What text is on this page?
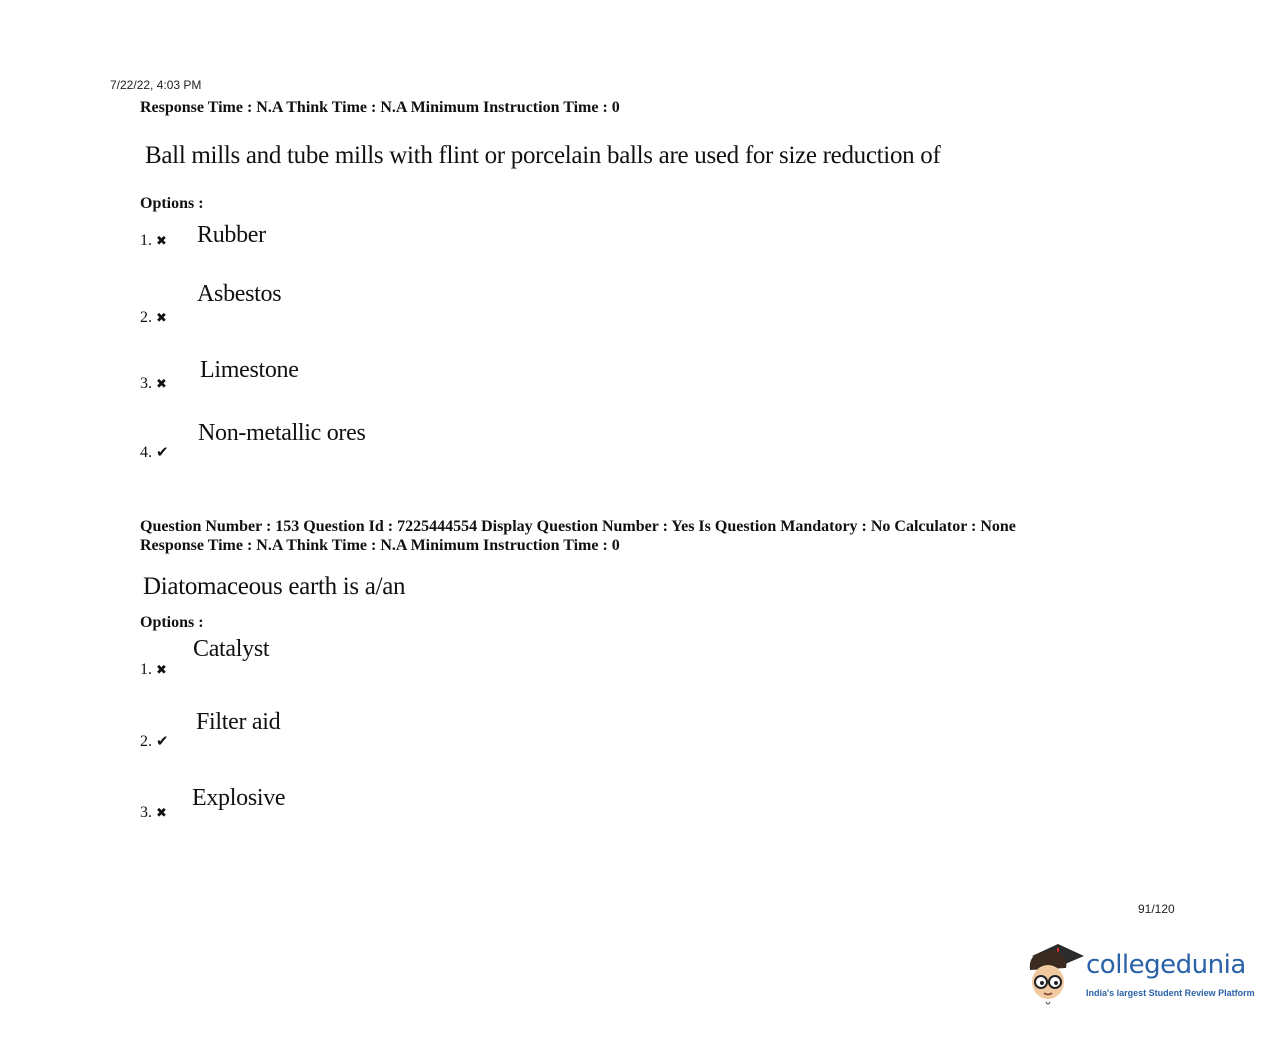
7/22/22, 4:03 PM
Response Time : N.A Think Time : N.A Minimum Instruction Time : 0
Ball mills and tube mills with flint or porcelain balls are used for size reduction of
Options :
1. ✖ Rubber
2. ✖
Asbestos
3. ✖
Limestone
4. ✔
Non-metallic ores
Question Number : 153 Question Id : 7225444554 Display Question Number : Yes Is Question Mandatory : No Calculator : None
Response Time : N.A Think Time : N.A Minimum Instruction Time : 0
Diatomaceous earth is a/an
Options :
1. ✖
Catalyst
2. ✔
Filter aid
3. ✖
Explosive
91/120
collegedunia
India's largest Student Review Platform
